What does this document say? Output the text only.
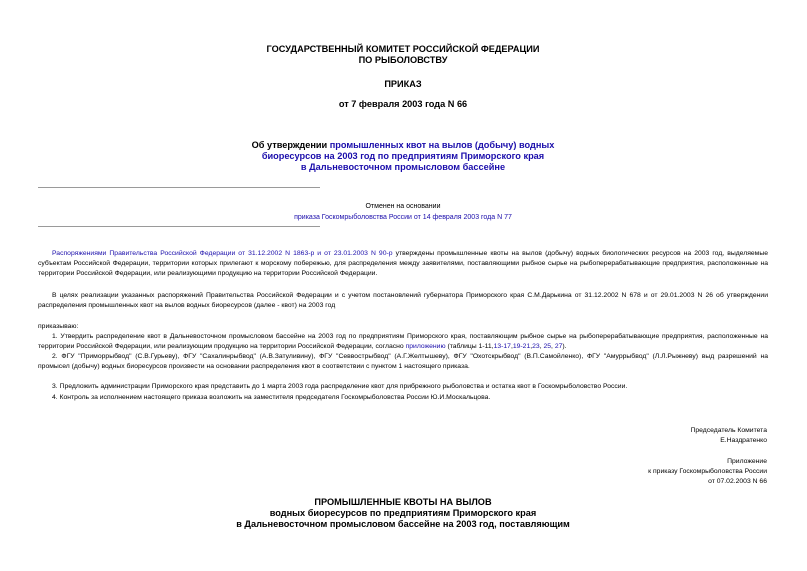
ГОСУДАРСТВЕННЫЙ КОМИТЕТ РОССИЙСКОЙ ФЕДЕРАЦИИ
ПО РЫБОЛОВСТВУ
ПРИКАЗ
от 7 февраля 2003 года N 66
Об утверждении промышленных квот на вылов (добычу) водных
биоресурсов на 2003 год по предприятиям Приморского края
в Дальневосточном промысловом бассейне
Отменен на основании
приказа Госкомрыболовства России от 14 февраля 2003 года N 77
Распоряжениями Правительства Российской Федерации от 31.12.2002 N 1863-р и от 23.01.2003 N 90-р утверждены промышленные квоты на вылов (добычу) водных биологических ресурсов на 2003 год, выделяемые субъектам Российской Федерации, территории которых прилегают к морскому побережью, для распределения между заявителями, поставляющими рыбное сырье на рыбоперерабатывающие предприятия, расположенные на территории Российской Федерации, или реализующими продукцию на территории Российской Федерации.
В целях реализации указанных распоряжений Правительства Российской Федерации и с учетом постановлений губернатора Приморского края С.М.Дарькина от 31.12.2002 N 678 и от 29.01.2003 N 26 об утверждении распределения промышленных квот на вылов водных биоресурсов (далее - квот) на 2003 год
приказываю:
1. Утвердить распределение квот в Дальневосточном промысловом бассейне на 2003 год по предприятиям Приморского края, поставляющим рыбное сырье на рыбоперерабатывающие предприятия, расположенные на территории Российской Федерации, или реализующим продукцию на территории Российской Федерации, согласно приложению (таблицы 1-11,13-17,19-21,23, 25, 27).
2. ФГУ "Приморрыбвод" (С.В.Гурьеву), ФГУ "Сахалинрыбвод" (А.В.Затуливину), ФГУ "Севвострыбвод" (А.Г.Желтышеву), ФГУ "Охотскрыбвод" (В.П.Самойленко), ФГУ "Амуррыбвод" (Л.Л.Рыжневу) выд разрешений на промысел (добычу) водных биоресурсов произвести на основании распределения квот в соответствии с пунктом 1 настоящего приказа.
3. Предложить администрации Приморского края представить до 1 марта 2003 года распределение квот для прибрежного рыболовства и остатка квот в Госкомрыболовство России.
4. Контроль за исполнением настоящего приказа возложить на заместителя председателя Госкомрыболовства России Ю.И.Москальцова.
Председатель Комитета
Е.Наздратенко
Приложение
к приказу Госкомрыболовства России
от 07.02.2003 N 66
ПРОМЫШЛЕННЫЕ КВОТЫ НА ВЫЛОВ
водных биоресурсов по предприятиям Приморского края
в Дальневосточном промысловом бассейне на 2003 год, поставляющим
